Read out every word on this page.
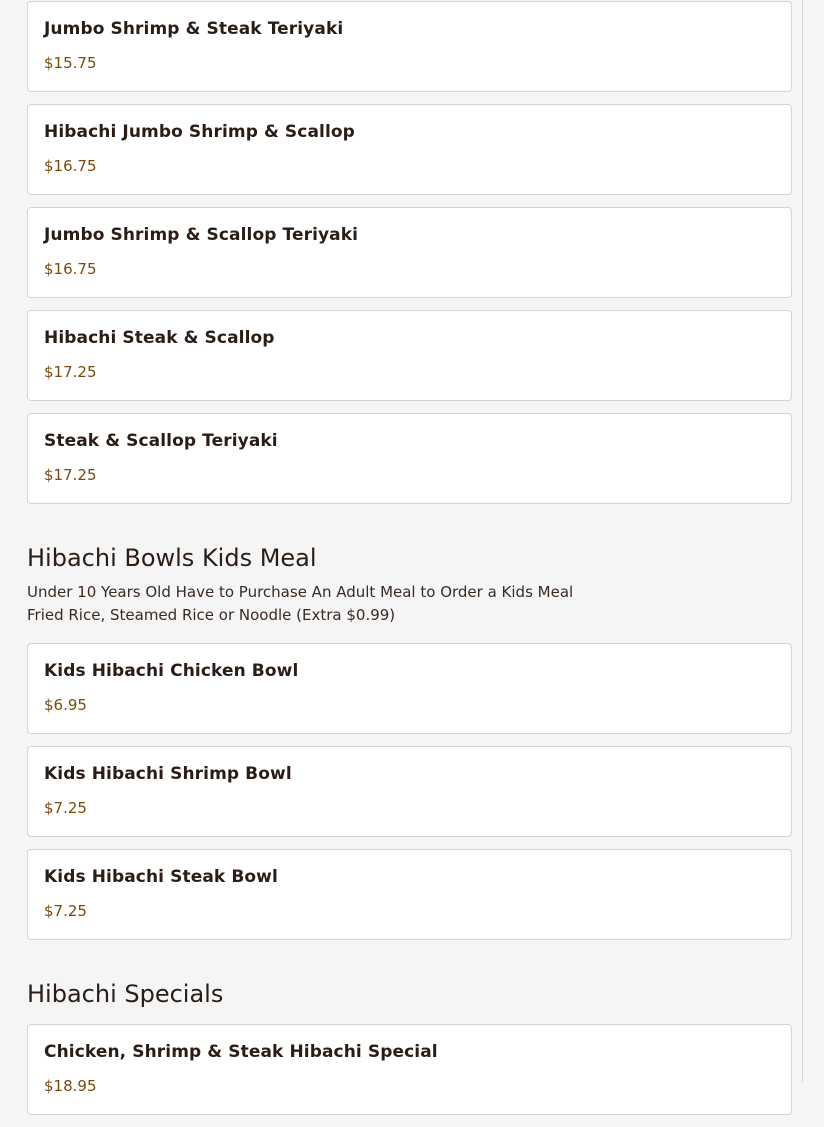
Jumbo Shrimp & Steak Teriyaki
$15.75
Hibachi Jumbo Shrimp & Scallop
$16.75
Jumbo Shrimp & Scallop Teriyaki
$16.75
Hibachi Steak & Scallop
$17.25
Steak & Scallop Teriyaki
$17.25
Hibachi Bowls Kids Meal
Under 10 Years Old Have to Purchase An Adult Meal to Order a Kids Meal
Fried Rice, Steamed Rice or Noodle (Extra $0.99)
Kids Hibachi Chicken Bowl
$6.95
Kids Hibachi Shrimp Bowl
$7.25
Kids Hibachi Steak Bowl
$7.25
Hibachi Specials
Chicken, Shrimp & Steak Hibachi Special
$18.95
